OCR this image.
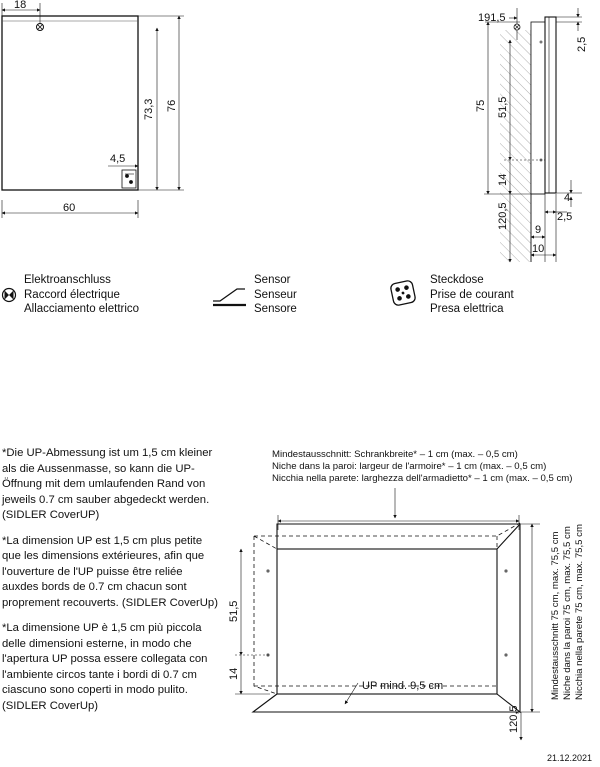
18
73,3 76
4,5
60
191,5
2,5
75 51,5
14
120,5
4
2,5
9
10
Mindestausschnitt: Schrankbreite* – 1 cm (max. – 0,5 cm)
Niche dans la paroi: largeur de l'armoire* – 1 cm (max. – 0,5 cm)
Nicchia nella parete: larghezza dell'armadietto* – 1 cm (max. – 0,5 cm)
Mindestausschnitt 75 cm, max. 75,5 cm Niche dans la paroi 75 cm, max. 75,5 cm Nicchia nella parete 75 cm, max. 75,5 cm
UP mind. 9,5 cm
51,5
14
120,5
Elektroanschluss
Raccord électrique
Allacciamento elettrico
Sensor
Senseur
Sensore
Steckdose
Prise de courant
Presa elettrica

*Die UP-Abmessung ist um 1,5 cm kleiner als die Aussenmasse, so kann die UP-Öffnung mit dem umlaufenden Rand von jeweils 0.7 cm sauber abgedeckt werden. (SIDLER CoverUP)

*La dimension UP est 1,5 cm plus petite que les dimensions extérieures, afin que l'ouverture de l'UP puisse être reliée auxdes bords de 0.7 cm chacun sont proprement recouverts. (SIDLER CoverUp)

*La dimensione UP è 1,5 cm più piccola delle dimensioni esterne, in modo che l'apertura UP possa essere collegata con l'ambiente circos tante i bordi di 0.7 cm ciascuno sono coperti in modo pulito. (SIDLER CoverUp)

21.12.2021
